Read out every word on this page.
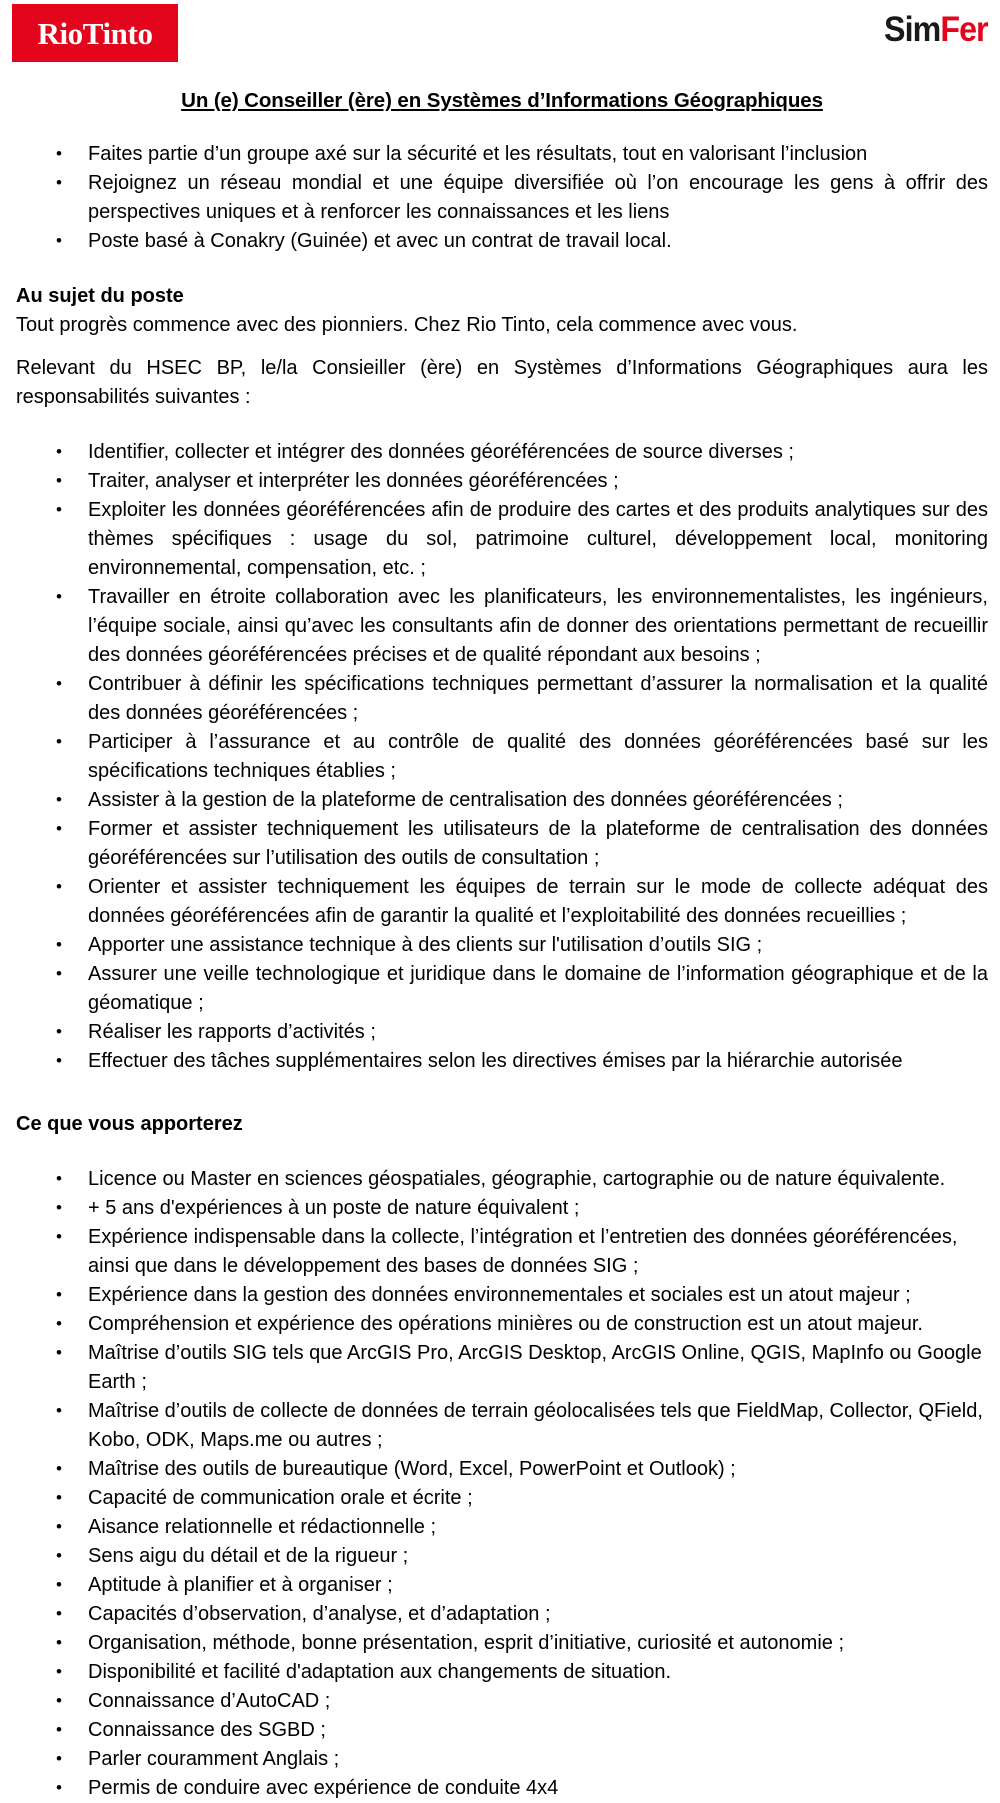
RioTinto	SimFer
Un (e) Conseiller (ère) en Systèmes d’Informations Géographiques
• Faites partie d’un groupe axé sur la sécurité et les résultats, tout en valorisant l’inclusion
• Rejoignez un réseau mondial et une équipe diversifiée où l’on encourage les gens à offrir des perspectives uniques et à renforcer les connaissances et les liens
• Poste basé à Conakry (Guinée) et avec un contrat de travail local.

Au sujet du poste

Tout progrès commence avec des pionniers. Chez Rio Tinto, cela commence avec vous.

Relevant du HSEC BP, le/la Consieiller (ère) en Systèmes d’Informations Géographiques aura les responsabilités suivantes :

• Identifier, collecter et intégrer des données géoréférencées de source diverses ;
• Traiter, analyser et interpréter les données géoréférencées ;
• Exploiter les données géoréférencées afin de produire des cartes et des produits analytiques sur des thèmes spécifiques : usage du sol, patrimoine culturel, développement local, monitoring environnemental, compensation, etc. ;
• Travailler en étroite collaboration avec les planificateurs, les environnementalistes, les ingénieurs, l’équipe sociale, ainsi qu’avec les consultants afin de donner des orientations permettant de recueillir des données géoréférencées précises et de qualité répondant aux besoins ;
• Contribuer à définir les spécifications techniques permettant d’assurer la normalisation et la qualité des données géoréférencées ;
• Participer à l’assurance et au contrôle de qualité des données géoréférencées basé sur les spécifications techniques établies ;
• Assister à la gestion de la plateforme de centralisation des données géoréférencées ;
• Former et assister techniquement les utilisateurs de la plateforme de centralisation des données géoréférencées sur l’utilisation des outils de consultation ;
• Orienter et assister techniquement les équipes de terrain sur le mode de collecte adéquat des données géoréférencées afin de garantir la qualité et l’exploitabilité des données recueillies ;
• Apporter une assistance technique à des clients sur l'utilisation d’outils SIG ;
• Assurer une veille technologique et juridique dans le domaine de l’information géographique et de la géomatique ;
• Réaliser les rapports d’activités ;
• Effectuer des tâches supplémentaires selon les directives émises par la hiérarchie autorisée

Ce que vous apporterez

• Licence ou Master en sciences géospatiales, géographie, cartographie ou de nature équivalente.
• + 5 ans d'expériences à un poste de nature équivalent ;
• Expérience indispensable dans la collecte, l’intégration et l’entretien des données géoréférencées, ainsi que dans le développement des bases de données SIG ;
• Expérience dans la gestion des données environnementales et sociales est un atout majeur ;
• Compréhension et expérience des opérations minières ou de construction est un atout majeur.
• Maîtrise d’outils SIG tels que ArcGIS Pro, ArcGIS Desktop, ArcGIS Online, QGIS, MapInfo ou Google Earth ;
• Maîtrise d’outils de collecte de données de terrain géolocalisées tels que FieldMap, Collector, QField, Kobo, ODK, Maps.me ou autres ;
• Maîtrise des outils de bureautique (Word, Excel, PowerPoint et Outlook) ;
• Capacité de communication orale et écrite ;
• Aisance relationnelle et rédactionnelle ;
• Sens aigu du détail et de la rigueur ;
• Aptitude à planifier et à organiser ;
• Capacités d’observation, d’analyse, et d’adaptation ;
• Organisation, méthode, bonne présentation, esprit d’initiative, curiosité et autonomie ;
• Disponibilité et facilité d'adaptation aux changements de situation.
• Connaissance d’AutoCAD ;
• Connaissance des SGBD ;
• Parler couramment Anglais ;
• Permis de conduire avec expérience de conduite 4x4
